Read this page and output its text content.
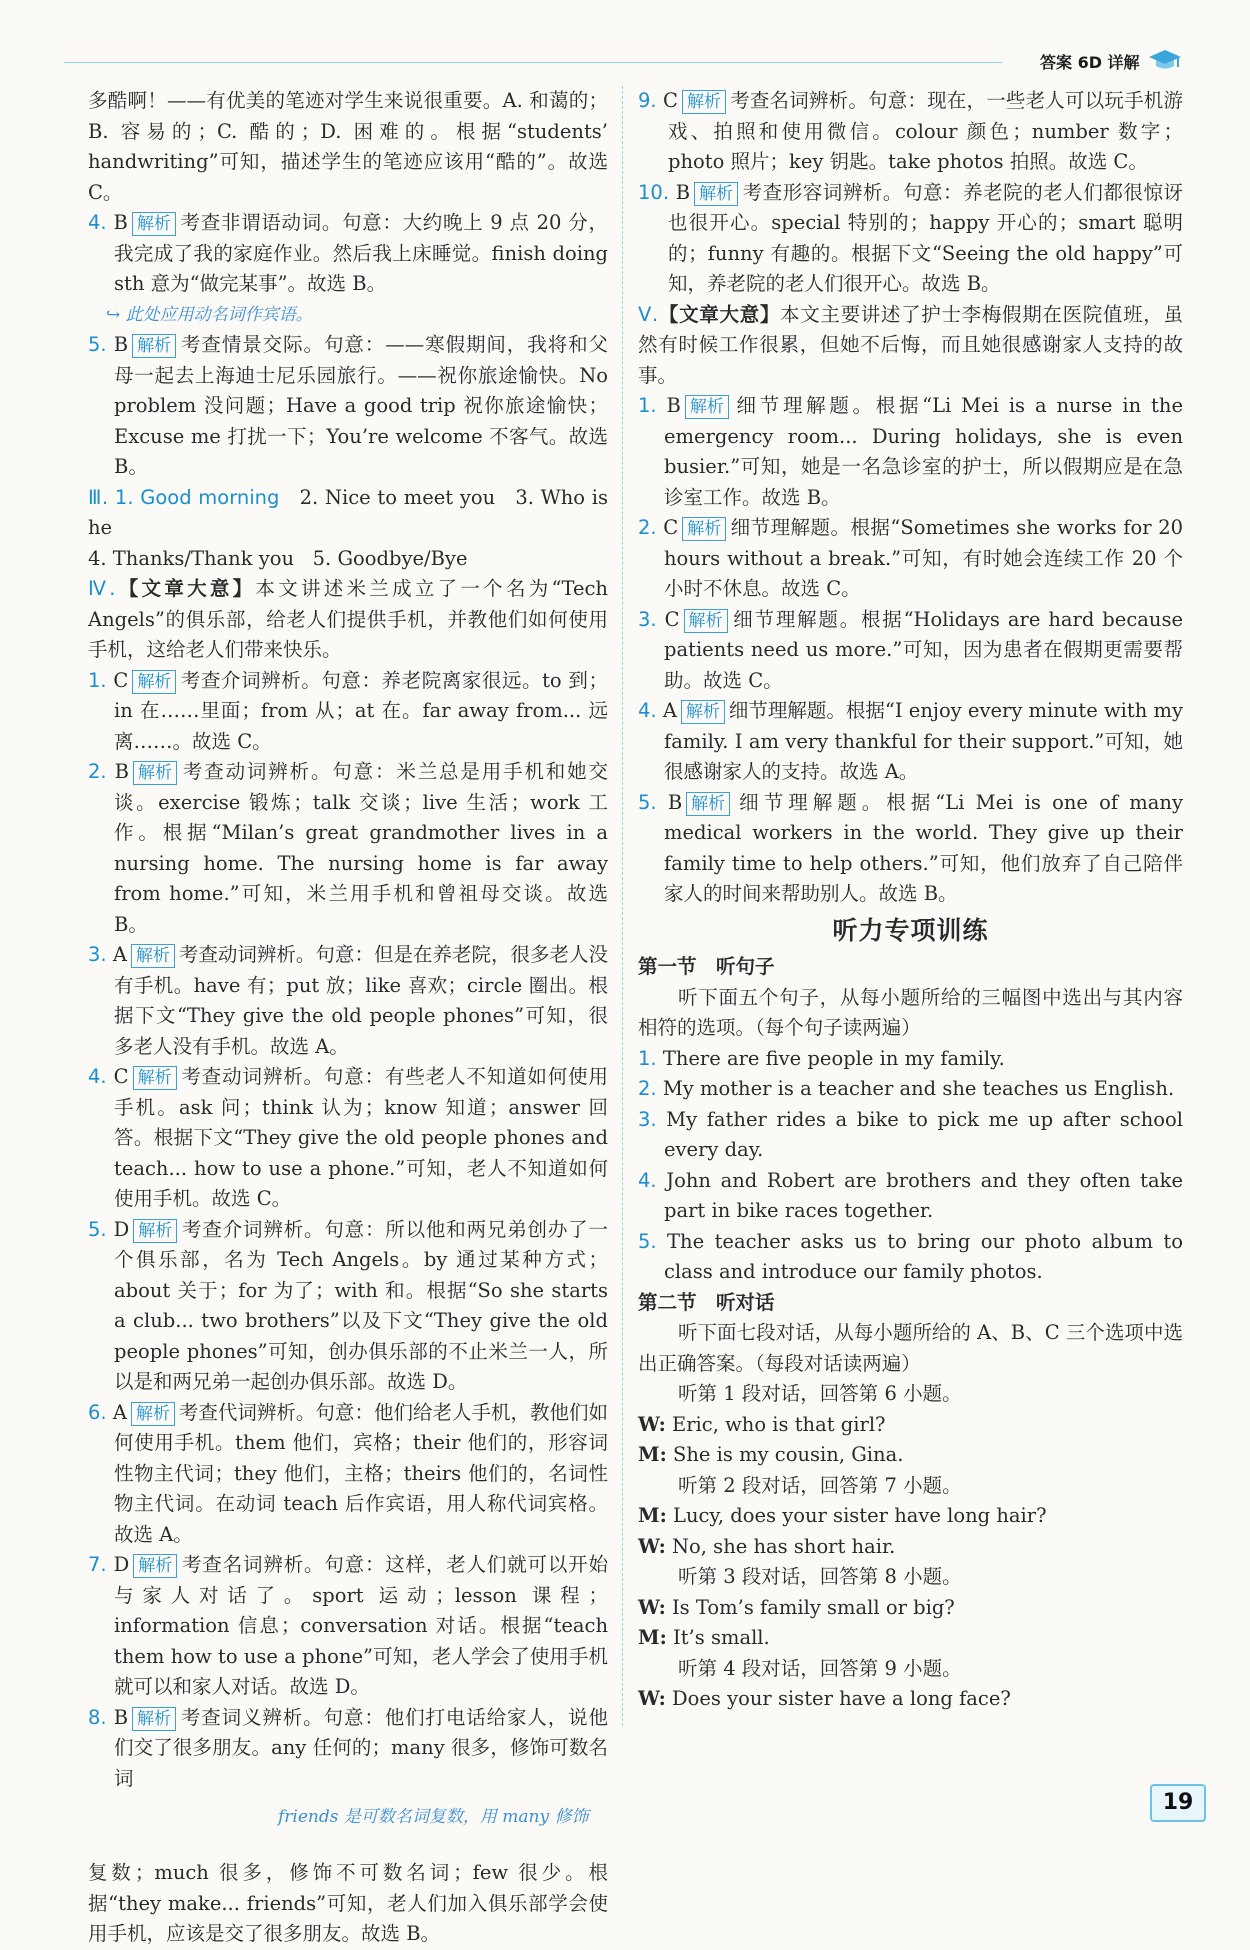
答案 6D 详解

多酷啊！——有优美的笔迹对学生来说很重要。A. 和蔼的；B. 容易的；C. 酷的；D. 困难的。根据“students’ handwriting”可知，描述学生的笔迹应该用“酷的”。故选 C。

4. B 解析 考查非谓语动词。句意：大约晚上 9 点 20 分，我完成了我的家庭作业。然后我上床睡觉。finish doing sth 意为“做完某事”。故选 B。

↪ 此处应用动名词作宾语。

5. B 解析 考查情景交际。句意：——寒假期间，我将和父母一起去上海迪士尼乐园旅行。——祝你旅途愉快。No problem 没问题；Have a good trip 祝你旅途愉快；Excuse me 打扰一下；You’re welcome 不客气。故选 B。

Ⅲ. 1. Good morning 2. Nice to meet you 3. Who is he
4. Thanks/Thank you 5. Goodbye/Bye

Ⅳ.【文章大意】本文讲述米兰成立了一个名为“Tech Angels”的俱乐部，给老人们提供手机，并教他们如何使用手机，这给老人们带来快乐。

1. C 解析 考查介词辨析。句意：养老院离家很远。to 到；in 在……里面；from 从；at 在。far away from... 远离……。故选 C。

2. B 解析 考查动词辨析。句意：米兰总是用手机和她交谈。exercise 锻炼；talk 交谈；live 生活；work 工作。根据“Milan’s great grandmother lives in a nursing home. The nursing home is far away from home.”可知，米兰用手机和曾祖母交谈。故选 B。

3. A 解析 考查动词辨析。句意：但是在养老院，很多老人没有手机。have 有；put 放；like 喜欢；circle 圈出。根据下文“They give the old people phones”可知，很多老人没有手机。故选 A。

4. C 解析 考查动词辨析。句意：有些老人不知道如何使用手机。ask 问；think 认为；know 知道；answer 回答。根据下文“They give the old people phones and teach... how to use a phone.”可知，老人不知道如何使用手机。故选 C。

5. D 解析 考查介词辨析。句意：所以他和两兄弟创办了一个俱乐部，名为 Tech Angels。by 通过某种方式；about 关于；for 为了；with 和。根据“So she starts a club... two brothers”以及下文“They give the old people phones”可知，创办俱乐部的不止米兰一人，所以是和两兄弟一起创办俱乐部。故选 D。

6. A 解析 考查代词辨析。句意：他们给老人手机，教他们如何使用手机。them 他们，宾格；their 他们的，形容词性物主代词；they 他们，主格；theirs 他们的，名词性物主代词。在动词 teach 后作宾语，用人称代词宾格。故选 A。

7. D 解析 考查名词辨析。句意：这样，老人们就可以开始与家人对话了。sport 运动；lesson 课程；information 信息；conversation 对话。根据“teach them how to use a phone”可知，老人学会了使用手机就可以和家人对话。故选 D。

8. B 解析 考查词义辨析。句意：他们打电话给家人，说他们交了很多朋友。any 任何的；many 很多，修饰可数名词

friends 是可数名词复数，用 many 修饰

复数；much 很多，修饰不可数名词；few 很少。根据“they make... friends”可知，老人们加入俱乐部学会使用手机，应该是交了很多朋友。故选 B。

9. C 解析 考查名词辨析。句意：现在，一些老人可以玩手机游戏、拍照和使用微信。colour 颜色；number 数字；photo 照片；key 钥匙。take photos 拍照。故选 C。

10. B 解析 考查形容词辨析。句意：养老院的老人们都很惊讶也很开心。special 特别的；happy 开心的；smart 聪明的；funny 有趣的。根据下文“Seeing the old happy”可知，养老院的老人们很开心。故选 B。

Ⅴ.【文章大意】本文主要讲述了护士李梅假期在医院值班，虽然有时候工作很累，但她不后悔，而且她很感谢家人支持的故事。

1. B 解析 细节理解题。根据“Li Mei is a nurse in the emergency room... During holidays, she is even busier.”可知，她是一名急诊室的护士，所以假期应是在急诊室工作。故选 B。

2. C 解析 细节理解题。根据“Sometimes she works for 20 hours without a break.”可知，有时她会连续工作 20 个小时不休息。故选 C。

3. C 解析 细节理解题。根据“Holidays are hard because patients need us more.”可知，因为患者在假期更需要帮助。故选 C。

4. A 解析 细节理解题。根据“I enjoy every minute with my family. I am very thankful for their support.”可知，她很感谢家人的支持。故选 A。

5. B 解析 细节理解题。根据“Li Mei is one of many medical workers in the world. They give up their family time to help others.”可知，他们放弃了自己陪伴家人的时间来帮助别人。故选 B。

听力专项训练
第一节　听句子

听下面五个句子，从每小题所给的三幅图中选出与其内容相符的选项。（每个句子读两遍）

1. There are five people in my family.

2. My mother is a teacher and she teaches us English.

3. My father rides a bike to pick me up after school every day.

4. John and Robert are brothers and they often take part in bike races together.

5. The teacher asks us to bring our photo album to class and introduce our family photos.

第二节　听对话

听下面七段对话，从每小题所给的 A、B、C 三个选项中选出正确答案。（每段对话读两遍）

听第 1 段对话，回答第 6 小题。

W: Eric, who is that girl?

M: She is my cousin, Gina.

听第 2 段对话，回答第 7 小题。

M: Lucy, does your sister have long hair?

W: No, she has short hair.

听第 3 段对话，回答第 8 小题。

W: Is Tom’s family small or big?

M: It’s small.

听第 4 段对话，回答第 9 小题。

W: Does your sister have a long face?

19
